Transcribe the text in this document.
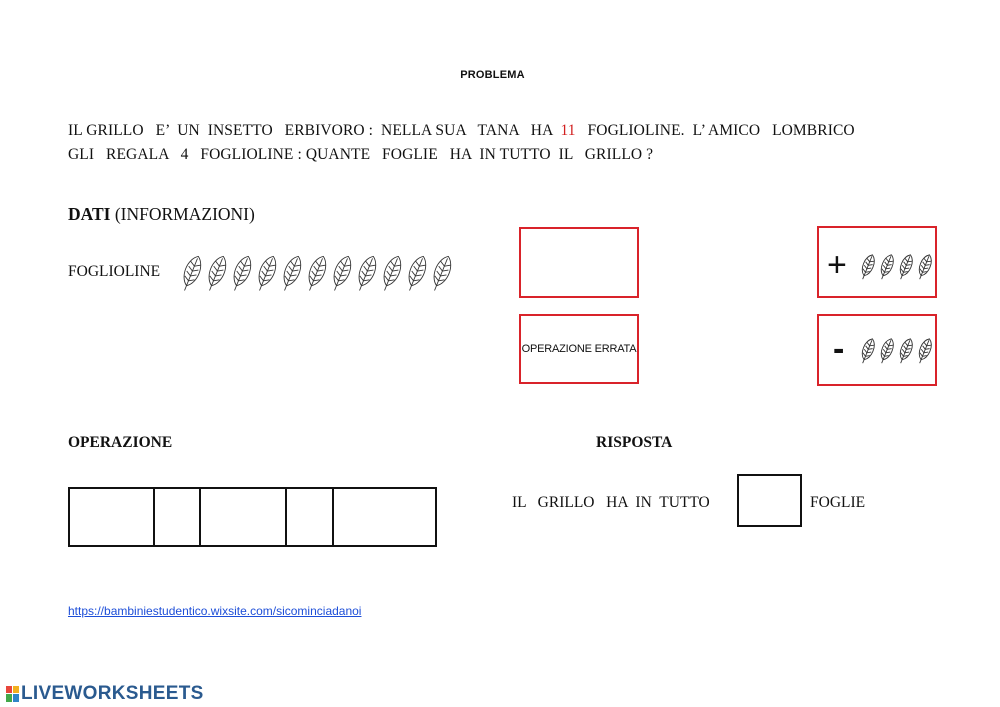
PROBLEMA
IL GRILLO   E’  UN  INSETTO   ERBIVORO :  NELLA SUA   TANA   HA  11   FOGLIOLINE.  L’ AMICO   LOMBRICO
GLI   REGALA   4   FOGLIOLINE : QUANTE   FOGLIE   HA  IN TUTTO  IL   GRILLO ?
DATI (INFORMAZIONI)
FOGLIOLINE
OPERAZIONE ERRATA
+
-
OPERAZIONE	RISPOSTA
IL   GRILLO   HA  IN  TUTTO	FOGLIE
https://bambiniestudentico.wixsite.com/sicominciadanoi
LIVEWORKSHEETS
